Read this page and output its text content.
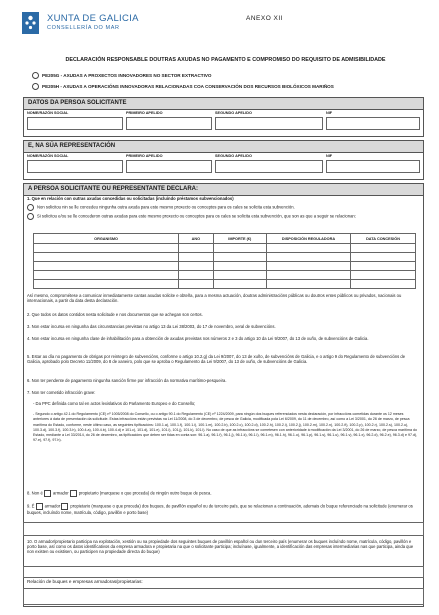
XUNTA DE GALICIA
CONSELLERÍA DO MAR
ANEXO XII
DECLARACIÓN RESPONSABLE DOUTRAS AXUDAS NO PAGAMENTO E COMPROMISO DO REQUISITO DE ADMISIBILIDADE
PE205G - AXUDAS A PROXECTOS INNOVADORES NO SECTOR EXTRACTIVO
PE205H - AXUDAS A OPERACIÓNS INNOVADORAS RELACIONADAS COA CONSERVACIÓN DOS RECURSOS BIOLÓXICOS MARIÑOS
DATOS DA PERSOA SOLICITANTE
NOME/RAZÓN SOCIAL	PRIMEIRO APELIDO	SEGUNDO APELIDO	NIF
E, NA SÚA REPRESENTACIÓN
NOME/RAZÓN SOCIAL	PRIMEIRO APELIDO	SEGUNDO APELIDO	NIF
A PERSOA SOLICITANTE OU REPRESENTANTE DECLARA:
1. Que en relación con outras axudas concedidas ou solicitadas (incluíndo préstamos subvencionados)
Non solicitou nin se lle concedeu ningunha outra axuda para este mesmo proxecto ou conceptos para os cales se solicita esta subvención.
Si solicitou e/ou se lle concederon outras axudas para este mesmo proxecto ou conceptos para os cales se solicita esta subvención, que son as que a seguir se relacionan:
ORGANISMO	ANO	IMPORTE (€)	DISPOSICIÓN REGULADORA	DATA CONCESIÓN

Así mesmo, comprométese a comunicar inmediatamente cantas axudas solicite e obteña, para a mesma actuación, doutras administracións públicas ou doutros entes públicos ou privados, nacionais ou internacionais, a partir da data desta declaración.
2. Que todos os datos contidos nesta solicitude e nos documentos que se achegan son certos.
3. Non estar incursa en ningunha das circunstancias previstas no artigo 13 da Lei 38/2003, do 17 de novembro, xeral de subvencións.
4. Non estar incursa en ningunha clase de inhabilitación para a obtención de axudas previstas nos números 2 e 3 do artigo 10 da Lei 9/2007, do 13 de xuño, de subvencións de Galicia.
5. Estar ao día no pagamento de obrigas por reintegro de subvencións, conforme o artigo 10.2.g) da Lei 9/2007, do 13 de xuño, de subvencións de Galicia, e o artigo 9 do Regulamento de subvencións de Galicia, aprobado polo Decreto 11/2009, do 8 de xaneiro, polo que se aproba o Regulamento da Lei 9/2007, do 13 de xuño, de subvencións de Galicia.
6. Non ter pendente de pagamento ningunha sanción firme por infracción da normativa marítimo-pesqueira.
7. Non ter cometido infracción grave:
- Da PPC definida como tal en actos lexislativos do Parlamento Europeo e do Consello;
- Segundo o artigo 42.1 do Regulamento (CE) nº 1005/2008 do Consello, ou o artigo 90.1 do Regulamento (CE) nº 1224/2009, para ningún dos buques referenciados nesta declaración, por infraccións cometidas durante os 12 meses anteriores á data de presentación da solicitude. Estas infraccións están previstas na Lei 11/2008, do 3 de decembro, de pesca de Galicia, modificada pola Lei 6/2009, do 11 de decembro, así como a Lei 3/2001, do 26 de marzo, de pesca marítima do Estado, conforme, neste último caso, as seguintes tipificacións: 100.1.a), 100.1.f), 100.1.i), 100.1.m), 100.2.b), 100.2.c), 100.2.d), 100.2.h), 100.2.i), 100.2.j), 100.2.m), 100.2.n), 100.2.ñ), 100.2.p), 100.2.r), 100.2.s), 100.2.u), 100.3.d), 100.3.f), 100.3.h), 100.4.a), 100.4.b), 100.4.d) e 101.c), 101.d), 101.e), 101.i), 101.j), 101.k), 101.l). No caso de que as infraccións se cometesen con anterioridade á modificación da Lei 3/2001, do 26 de marzo, de pesca marítima do Estado, mediante a Lei 33/2014, do 26 de decembro, as tipificacións que deben ser tidas en conta son: 96.1.a), 96.1.f), 96.1.j), 96.1.k), 96.1.l), 96.1.m), 96.1.h), 96.1.o), 96.1.p), 96.1.s), 96.1.u), 96.1.v), 96.1.x), 96.2.d), 96.2.e), 96.3.d) e 97.d), 97.e), 97.f), 97.h).
8. Non é armador propietario (marquese o que proceda) de ningún outro buque de pesca.
9. É armador propietario (marquese o que proceda) dos buques, de pavillón español ou de terceiro país, que se relacionan a continuación, ademais do buque referenciado na solicitude (enumerar os buques, incluíndo nome, matrícula, código, pavillón e porto base)
10. O armador/propietario participa na explotación, xestión ou na propiedade dos seguintes buques de pavillón español ou dun terceiro país (enumerar os buques incluíndo nome, matrícula, código, pavillón e porto base, así como os datos identificativos da empresa armadora e propietaria na que o solicitante participa; incluínase, igualmente, a identificación das empresas intermediarias nas que participa, ainda que non existen ou existisen, ou participen na propiedade directa do buque)
Relación de buques e empresas armadoras/propietarias:
